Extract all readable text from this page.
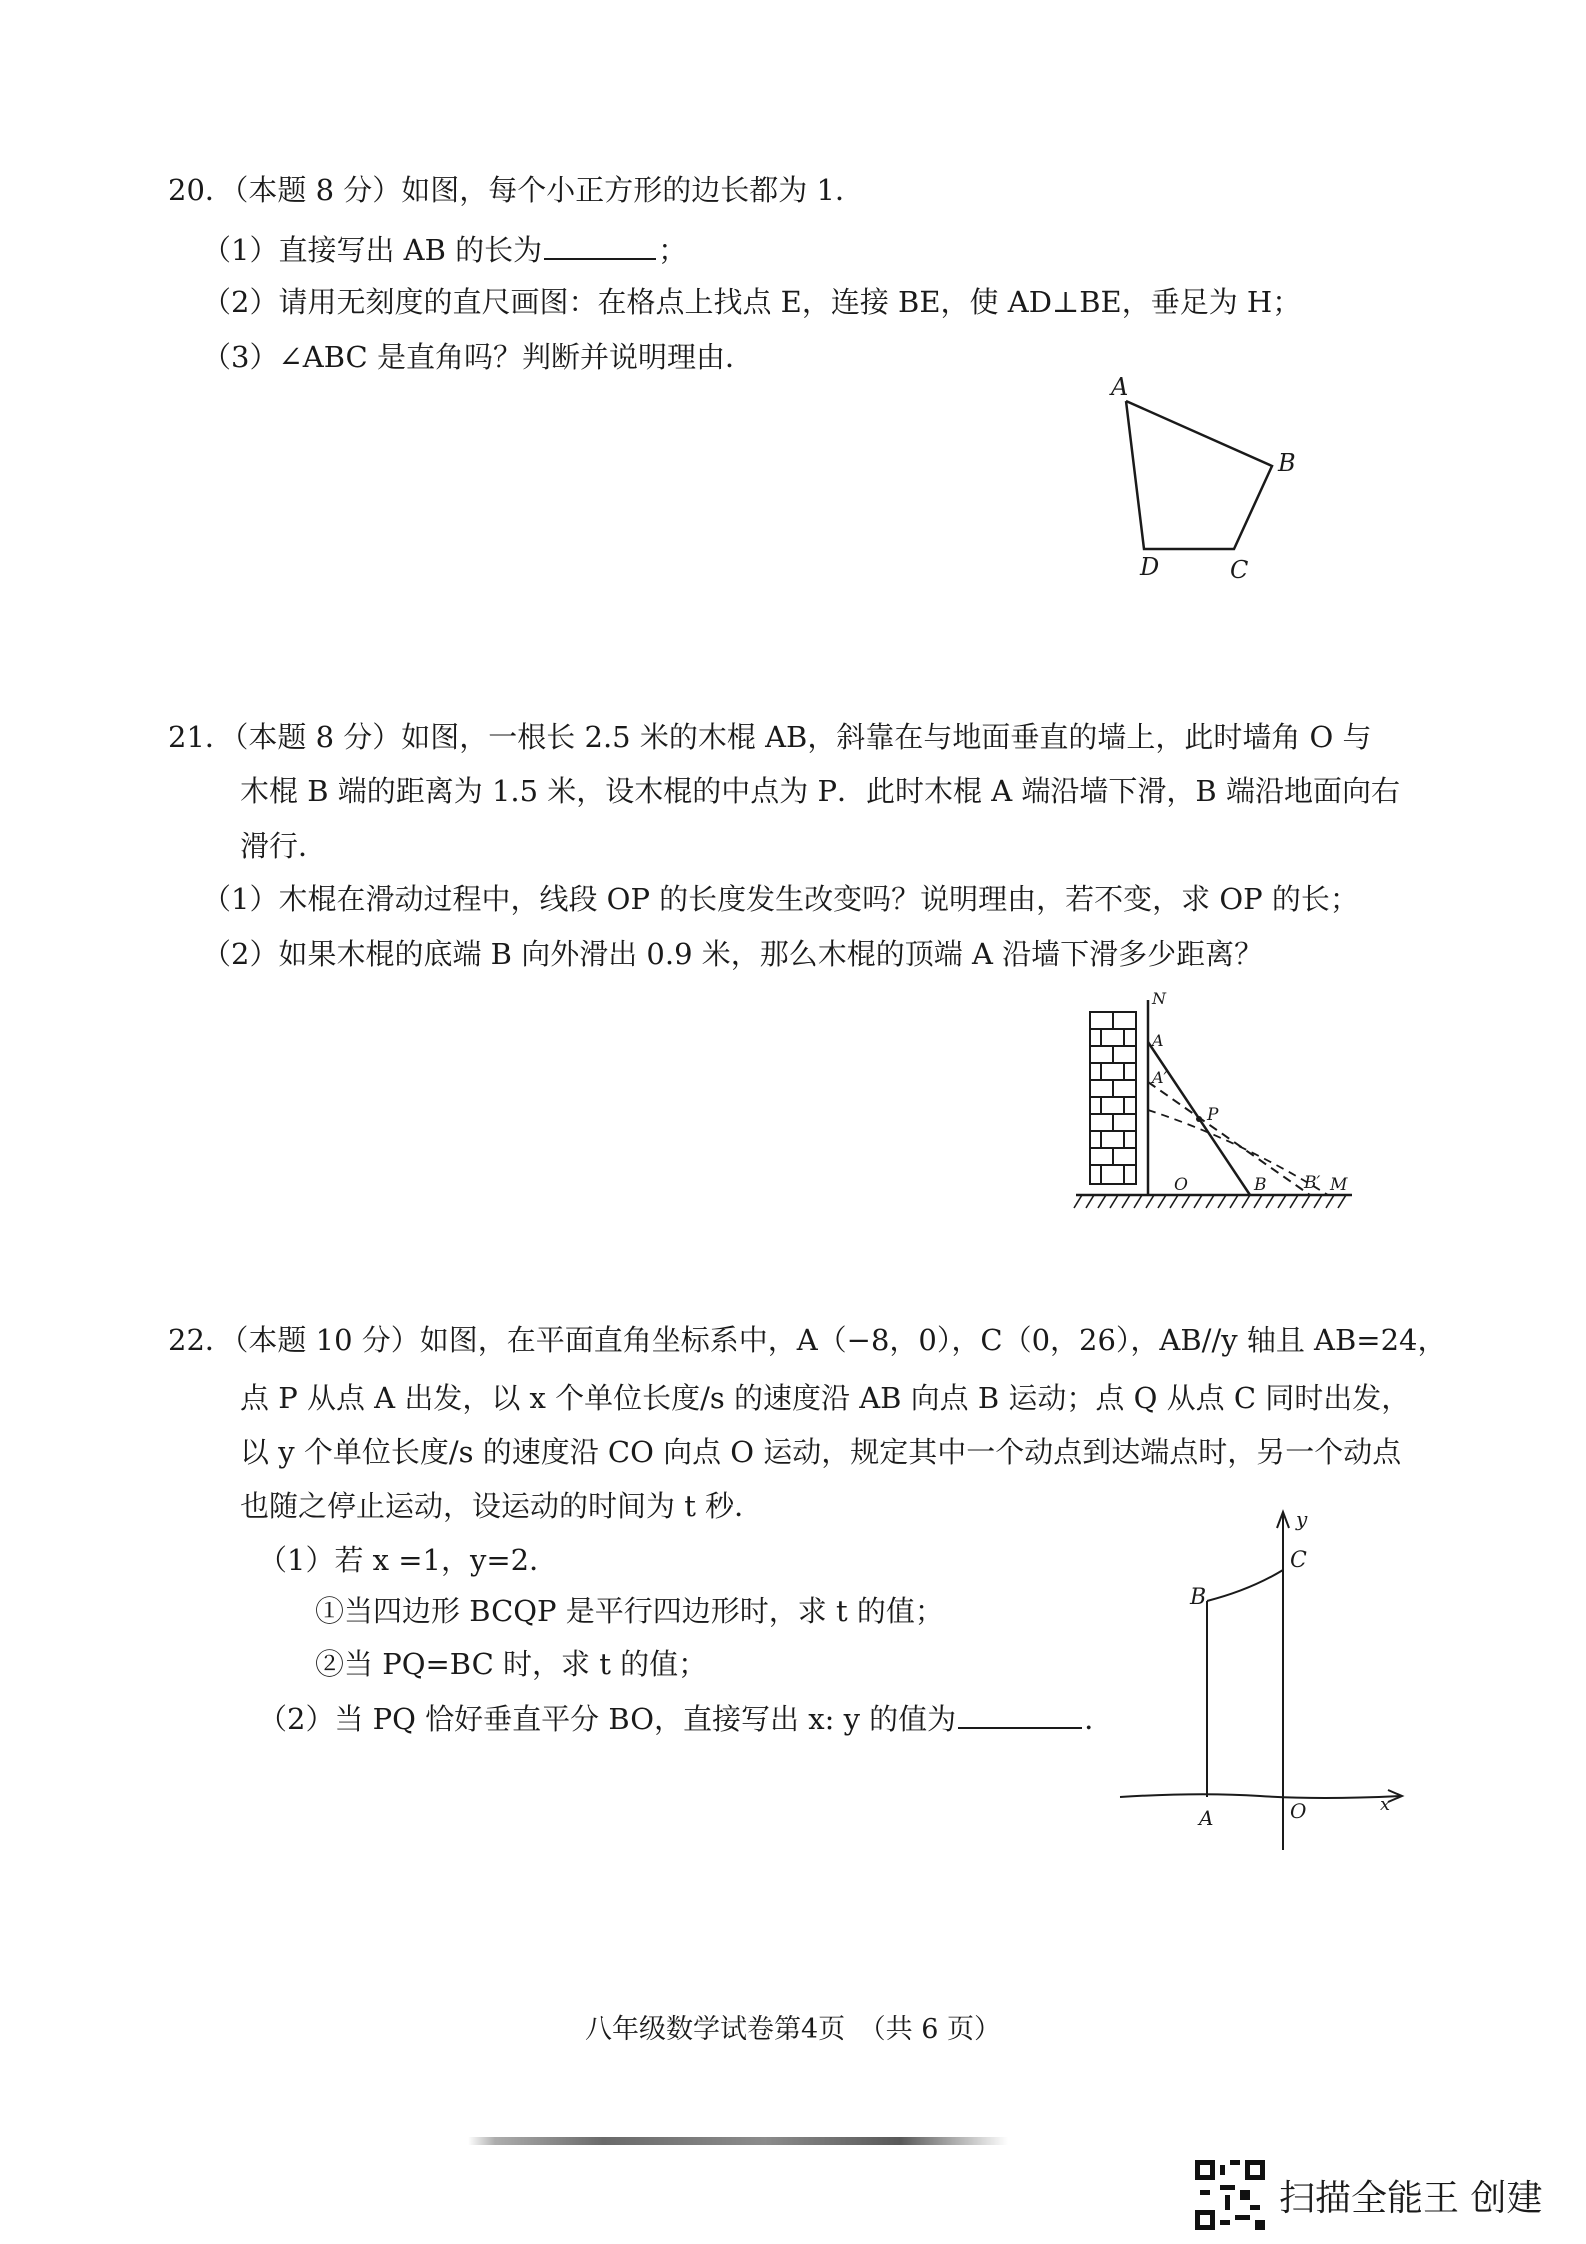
20．（本题 8 分）如图，每个小正方形的边长都为 1．
（1）直接写出 AB 的长为	；
（2）请用无刻度的直尺画图：在格点上找点 E，连接 BE，使 AD⊥BE，垂足为 H；
（3）∠ABC 是直角吗？判断并说明理由．
A
B
C
D
21．（本题 8 分）如图，一根长 2.5 米的木棍 AB，斜靠在与地面垂直的墙上，此时墙角 O 与
木棍 B 端的距离为 1.5 米，设木棍的中点为 P．此时木棍 A 端沿墙下滑，B 端沿地面向右
滑行．
（1）木棍在滑动过程中，线段 OP 的长度发生改变吗？说明理由，若不变，求 OP 的长；
（2）如果木棍的底端 B 向外滑出 0.9 米，那么木棍的顶端 A 沿墙下滑多少距离？
N
A
A′
P
O	B B′ M
22．（本题 10 分）如图，在平面直角坐标系中，A（−8，0），C（0，26），AB//y 轴且 AB=24，
点 P 从点 A 出发，以 x 个单位长度/s 的速度沿 AB 向点 B 运动；点 Q 从点 C 同时出发，
以 y 个单位长度/s 的速度沿 CO 向点 O 运动，规定其中一个动点到达端点时，另一个动点
也随之停止运动，设运动的时间为 t 秒．
（1）若 x =1，y=2．
①当四边形 BCQP 是平行四边形时，求 t 的值；
②当 PQ=BC 时，求 t 的值；
（2）当 PQ 恰好垂直平分 BO，直接写出 x: y 的值为	．
y
C
B
A	O	x
八年级数学试卷第4页　（共 6 页）
扫描全能王 创建
